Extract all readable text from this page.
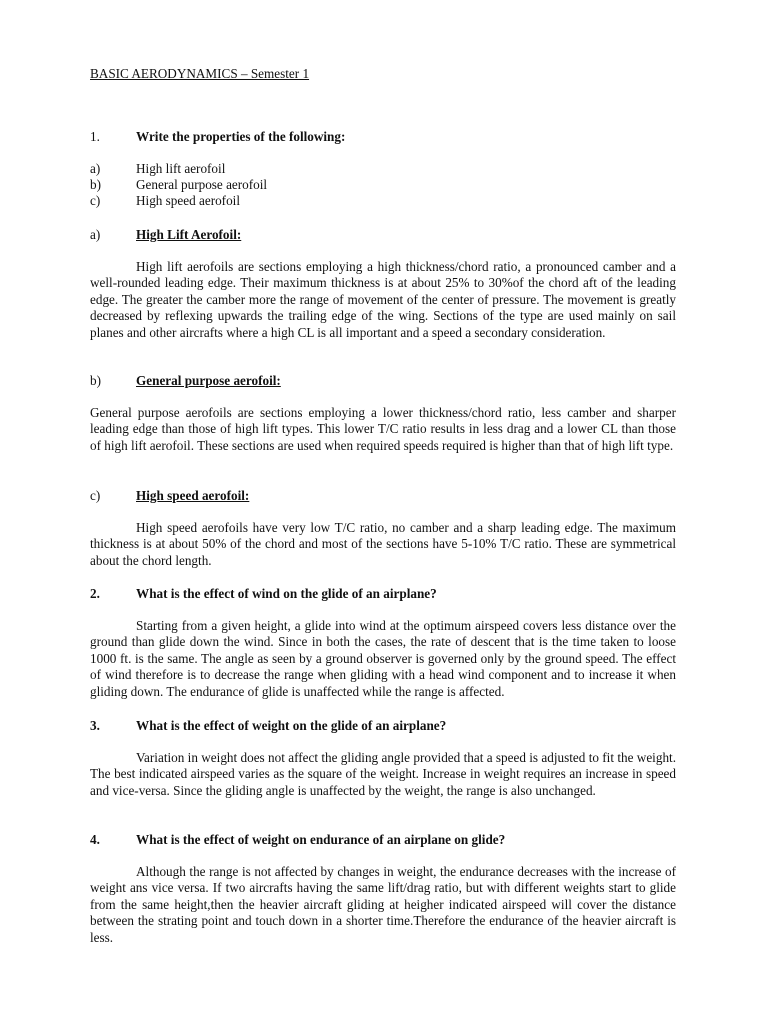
BASIC AERODYNAMICS – Semester 1
1.	Write the properties of the following:
a)	High lift aerofoil
b)	General purpose aerofoil
c)	High speed aerofoil
a)	High Lift Aerofoil:
High lift aerofoils are sections employing a high thickness/chord ratio, a pronounced camber and a well-rounded leading edge. Their maximum thickness is at about 25% to 30%of the chord aft of the leading edge. The greater the camber more the range of movement of the center of pressure. The movement is greatly decreased by reflexing upwards the trailing edge of the wing. Sections of the type are used mainly on sail planes and other aircrafts where a high CL is all important and a speed a secondary consideration.
b)	General purpose aerofoil:
General purpose aerofoils are sections employing a lower thickness/chord ratio, less camber and sharper leading edge than those of high lift types. This lower T/C ratio results in less drag and a lower CL than those of high lift aerofoil. These sections are used when required speeds required is higher than that of high lift type.
c)	High speed aerofoil:
High speed aerofoils have very low T/C ratio, no camber and a sharp leading edge. The maximum thickness is at about 50% of the chord and most of the sections have 5-10% T/C ratio. These are symmetrical about the chord length.
2.	What is the effect of wind on the glide of an airplane?
Starting from a given height, a glide into wind at the optimum airspeed covers less distance over the ground than glide down the wind. Since in both the cases, the rate of descent that is the time taken to loose 1000 ft. is the same. The angle as seen by a ground observer is governed only by the ground speed. The effect of wind therefore is to decrease the range when gliding with a head wind component and to increase it when gliding down. The endurance of glide is unaffected while the range is affected.
3.	What is the effect of weight on the glide of an airplane?
Variation in weight does not affect the gliding angle provided that a speed is adjusted to fit the weight. The best indicated airspeed varies as the square of the weight. Increase in weight requires an increase in speed and vice-versa. Since the gliding angle is unaffected by the weight, the range is also unchanged.
4.	What is the effect of weight on endurance of an airplane on glide?
Although the range is not affected by changes in weight, the endurance decreases with the increase of weight ans vice versa. If two aircrafts having the same lift/drag ratio, but with different weights start to glide from the same height,then the heavier aircraft gliding at heigher indicated airspeed will cover the distance between the strating point and touch down in a shorter time.Therefore the endurance of the heavier aircraft is less.
